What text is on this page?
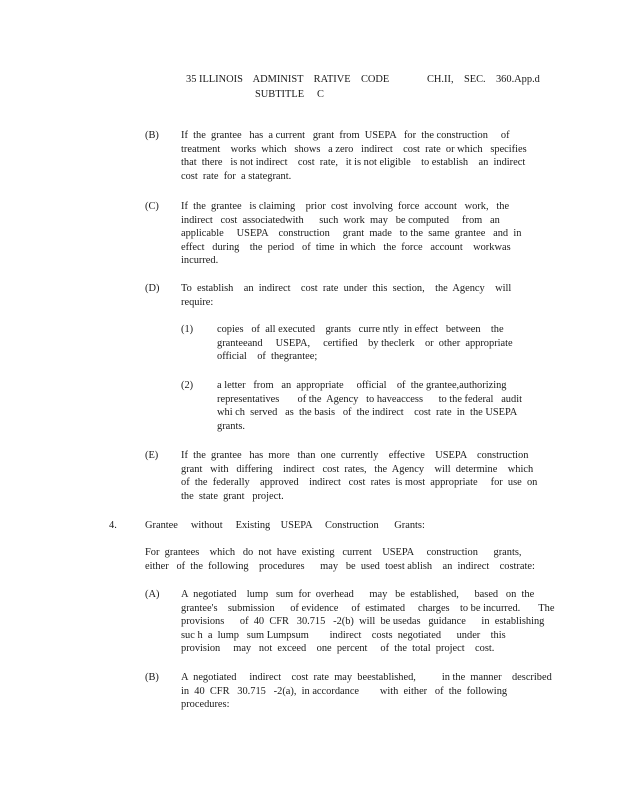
35 ILLINOIS    ADMINIST    RATIVE    CODE	CH.II,    SEC.    360.App.d
SUBTITLE     C
(B) If  the  grantee   has  a current   grant  from  USEPA   for  the construction     of
treatment    works  which   shows   a zero   indirect    cost  rate  or which   specifies
that  there   is not indirect    cost  rate,   it is not eligible    to establish    an  indirect
cost  rate  for  a stategrant.
(C) If  the  grantee   is claiming    prior  cost  involving  force  account   work,   the
indirect   cost  associatedwith      such  work  may   be computed     from   an
applicable     USEPA    construction     grant  made   to the  same  grantee   and  in
effect   during    the  period   of  time  in which   the  force   account    workwas
incurred.
(D) To  establish    an  indirect    cost  rate  under  this  section,    the  Agency    will
require:
(1) copies   of  all executed    grants   curre ntly  in effect   between    the
granteeand     USEPA,     certified    by theclerk    or  other  appropriate
official    of  thegrantee;
(2) a letter   from   an  appropriate     official    of  the grantee,authorizing
representatives       of the  Agency   to haveaccess      to the federal   audit
whi ch  served   as  the basis   of  the indirect    cost  rate  in  the USEPA
grants.
(E) If  the  grantee   has  more   than  one  currently    effective    USEPA    construction
grant   with   differing    indirect   cost  rates,   the  Agency    will  determine    which
of  the  federally    approved    indirect   cost  rates  is most  appropriate     for  use  on
the  state  grant   project.
4.	Grantee     without     Existing    USEPA     Construction      Grants:
For  grantees    which   do  not  have  existing   current    USEPA     construction      grants,
either   of  the  following    procedures      may   be  used  toest ablish    an  indirect    costrate:
(A) A  negotiated    lump   sum  for  overhead      may   be  established,      based   on  the
grantee's    submission      of evidence     of  estimated     charges    to be incurred.       The
provisions      of  40  CFR   30.715   -2(b)  will  be usedas   guidance      in  establishing
suc h  a  lump   sum Lumpsum        indirect    costs  negotiated      under    this
provision     may   not  exceed    one  percent     of  the  total  project    cost.
(B) A  negotiated     indirect    cost  rate  may  beestablished,          in the  manner    described
in  40  CFR   30.715   -2(a),  in accordance        with  either   of  the  following
procedures:
